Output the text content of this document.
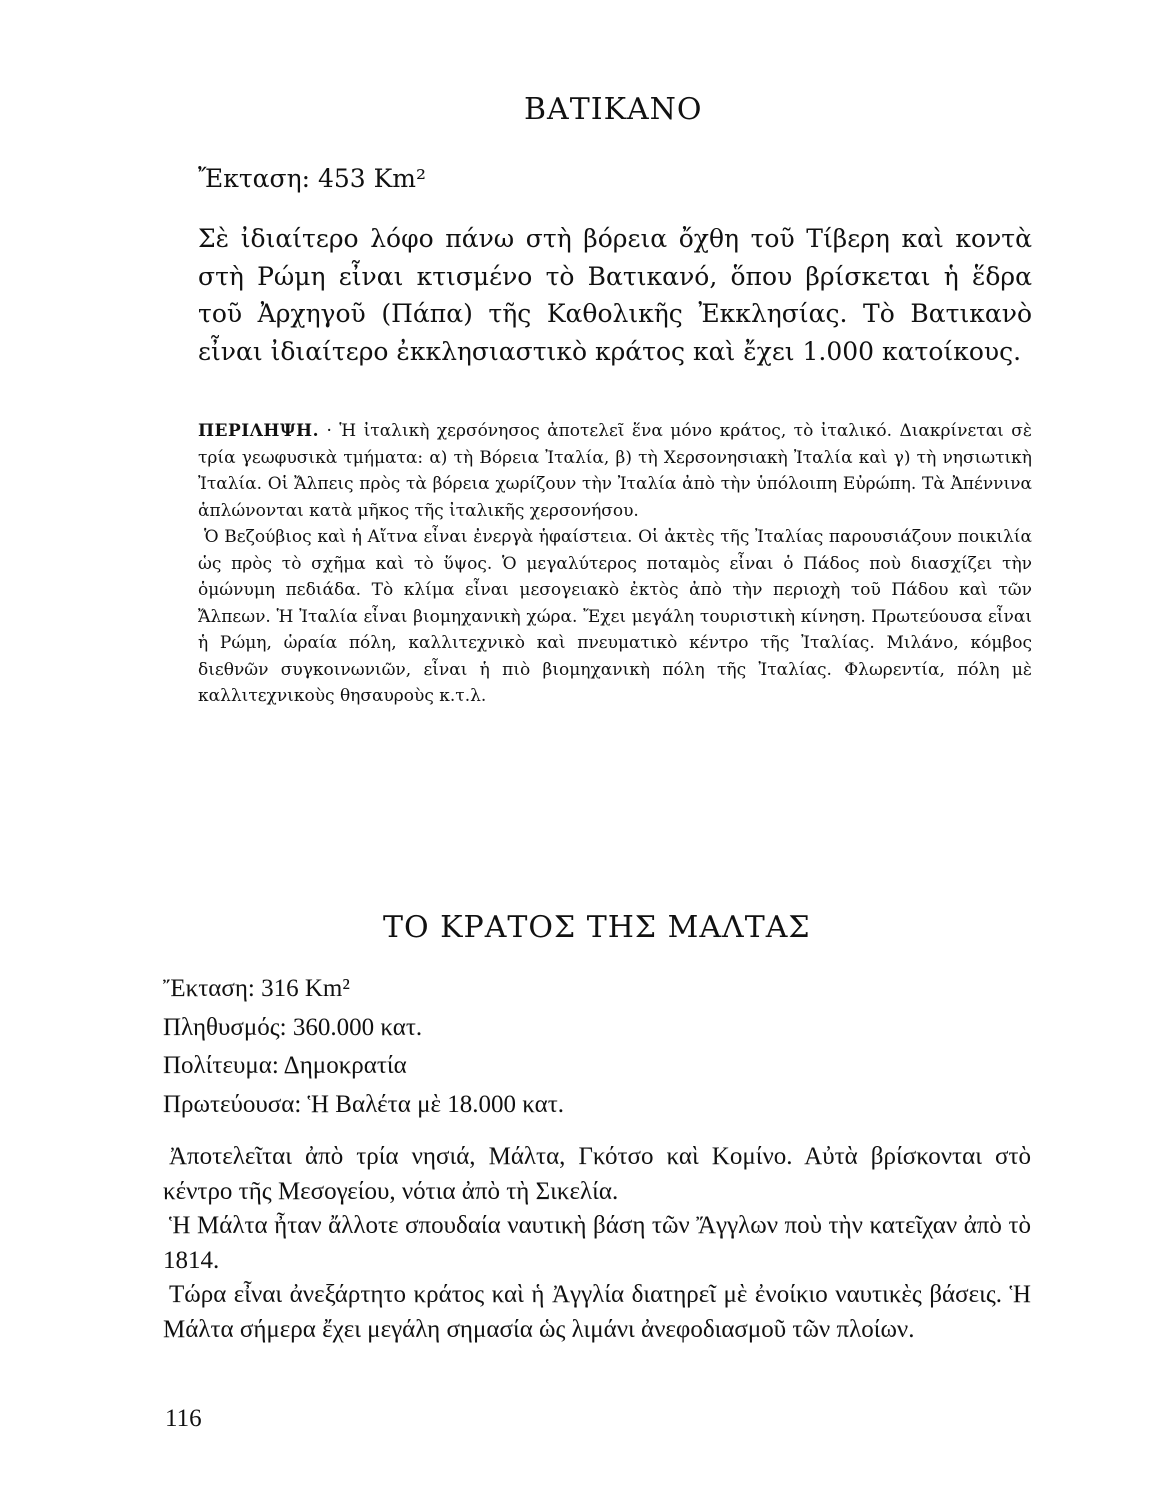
ΒΑΤΙΚΑΝΟ

Ἔκταση: 453 Km²

Σὲ ἰδιαίτερο λόφο πάνω στὴ βόρεια ὄχθη τοῦ Τίβερη καὶ κοντὰ στὴ Ρώμη εἶναι κτισμένο τὸ Βατικανό, ὅπου βρίσκεται ἡ ἕδρα τοῦ Ἀρχηγοῦ (Πάπα) τῆς Καθολικῆς Ἐκκλησίας. Τὸ Βατικανὸ εἶναι ἰδιαίτερο ἐκκλησιαστικὸ κράτος καὶ ἔχει 1.000 κατοίκους.

ΠΕΡΙΛΗΨΗ. · Ἡ ἰταλικὴ χερσόνησος ἀποτελεῖ ἕνα μόνο κράτος, τὸ ἰταλικό. Διακρίνεται σὲ τρία γεωφυσικὰ τμήματα: α) τὴ Βόρεια Ἰταλία, β) τὴ Χερσονησιακὴ Ἰταλία καὶ γ) τὴ νησιωτικὴ Ἰταλία. Οἱ Ἄλπεις πρὸς τὰ βόρεια χωρίζουν τὴν Ἰταλία ἀπὸ τὴν ὑπόλοιπη Εὐρώπη. Τὰ Ἀπέννινα ἁπλώνονται κατὰ μῆκος τῆς ἰταλικῆς χερσονήσου.

Ὁ Βεζούβιος καὶ ἡ Αἴτνα εἶναι ἐνεργὰ ἡφαίστεια. Οἱ ἀκτὲς τῆς Ἰταλίας παρουσιάζουν ποικιλία ὡς πρὸς τὸ σχῆμα καὶ τὸ ὕψος. Ὁ μεγαλύτερος ποταμὸς εἶναι ὁ Πάδος ποὺ διασχίζει τὴν ὁμώνυμη πεδιάδα. Τὸ κλίμα εἶναι μεσογειακὸ ἐκτὸς ἀπὸ τὴν περιοχὴ τοῦ Πάδου καὶ τῶν Ἄλπεων. Ἡ Ἰταλία εἶναι βιομηχανικὴ χώρα. Ἔχει μεγάλη τουριστικὴ κίνηση. Πρωτεύουσα εἶναι ἡ Ρώμη, ὡραία πόλη, καλλιτεχνικὸ καὶ πνευματικὸ κέντρο τῆς Ἰταλίας. Μιλάνο, κόμβος διεθνῶν συγκοινωνιῶν, εἶναι ἡ πιὸ βιομηχανικὴ πόλη τῆς Ἰταλίας. Φλωρεντία, πόλη μὲ καλλιτεχνικοὺς θησαυροὺς κ.τ.λ.

ΤΟ ΚΡΑΤΟΣ ΤΗΣ ΜΑΛΤΑΣ
Ἔκταση: 316 Km²
Πληθυσμός: 360.000 κατ.
Πολίτευμα: Δημοκρατία
Πρωτεύουσα: Ἡ Βαλέτα μὲ 18.000 κατ.

Ἀποτελεῖται ἀπὸ τρία νησιά, Μάλτα, Γκότσο καὶ Κομίνο. Αὐτὰ βρίσκονται στὸ κέντρο τῆς Μεσογείου, νότια ἀπὸ τὴ Σικελία.

Ἡ Μάλτα ἦταν ἄλλοτε σπουδαία ναυτικὴ βάση τῶν Ἄγγλων ποὺ τὴν κατεῖχαν ἀπὸ τὸ 1814.

Τώρα εἶναι ἀνεξάρτητο κράτος καὶ ἡ Ἀγγλία διατηρεῖ μὲ ἐνοίκιο ναυτικὲς βάσεις. Ἡ Μάλτα σήμερα ἔχει μεγάλη σημασία ὡς λιμάνι ἀνεφοδιασμοῦ τῶν πλοίων.

116
